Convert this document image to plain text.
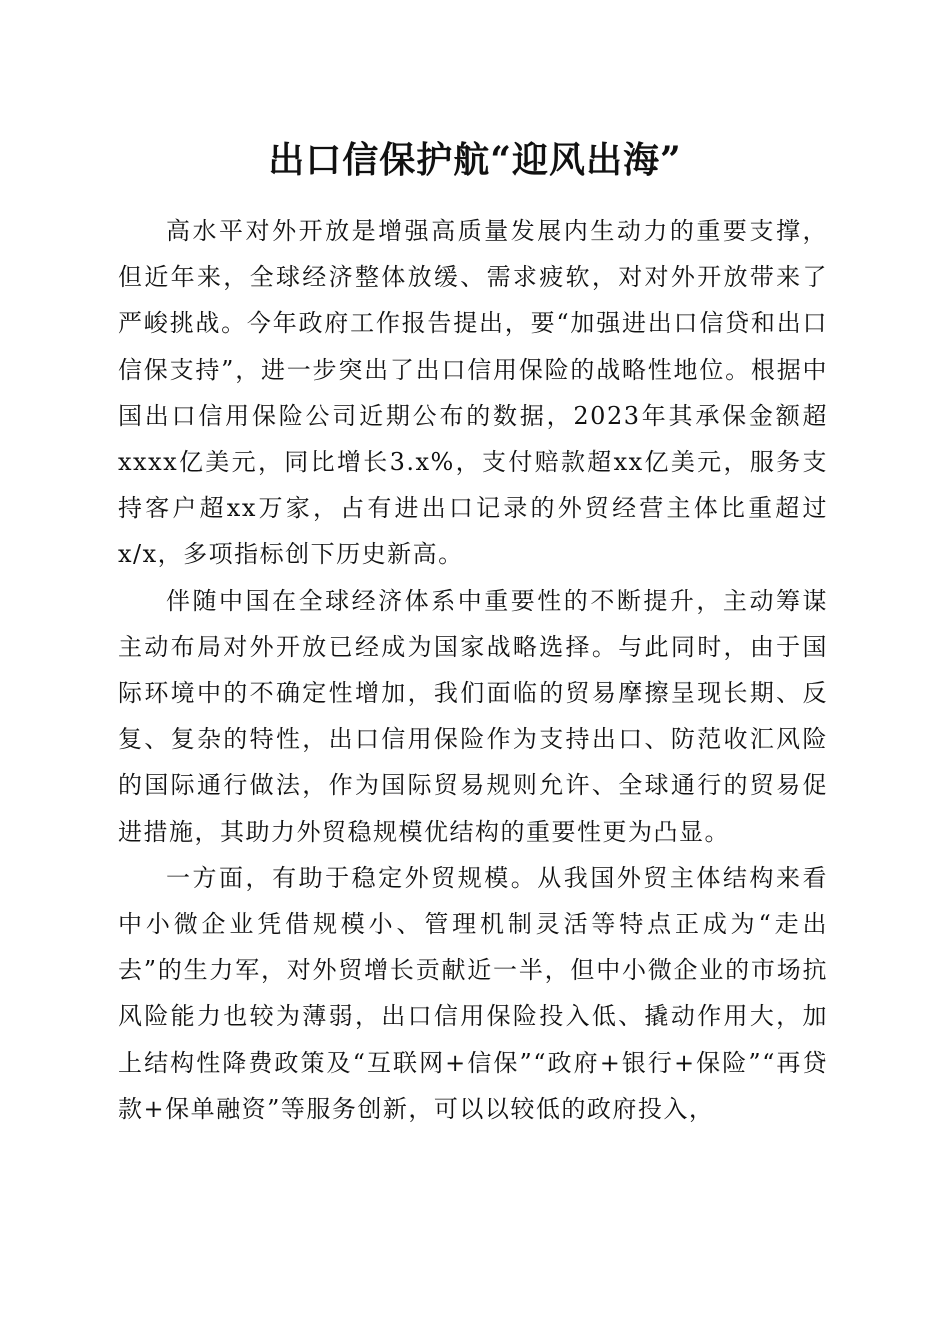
出口信保护航“迎风出海”

高水平对外开放是增强高质量发展内生动力的重要支撑，但近年来，全球经济整体放缓、需求疲软，对对外开放带来了严峻挑战。今年政府工作报告提出，要“加强进出口信贷和出口信保支持”，进一步突出了出口信用保险的战略性地位。根据中国出口信用保险公司近期公布的数据，2023年其承保金额超xxxx亿美元，同比增长3.x%，支付赔款超xx亿美元，服务支持客户超xx万家，占有进出口记录的外贸经营主体比重超过x/x，多项指标创下历史新高。

伴随中国在全球经济体系中重要性的不断提升，主动筹谋主动布局对外开放已经成为国家战略选择。与此同时，由于国际环境中的不确定性增加，我们面临的贸易摩擦呈现长期、反复、复杂的特性，出口信用保险作为支持出口、防范收汇风险的国际通行做法，作为国际贸易规则允许、全球通行的贸易促进措施，其助力外贸稳规模优结构的重要性更为凸显。

一方面，有助于稳定外贸规模。从我国外贸主体结构来看中小微企业凭借规模小、管理机制灵活等特点正成为“走出去”的生力军，对外贸增长贡献近一半，但中小微企业的市场抗风险能力也较为薄弱，出口信用保险投入低、撬动作用大，加上结构性降费政策及“互联网+信保”“政府+银行+保险”“再贷款+保单融资”等服务创新，可以以较低的政府投入，
